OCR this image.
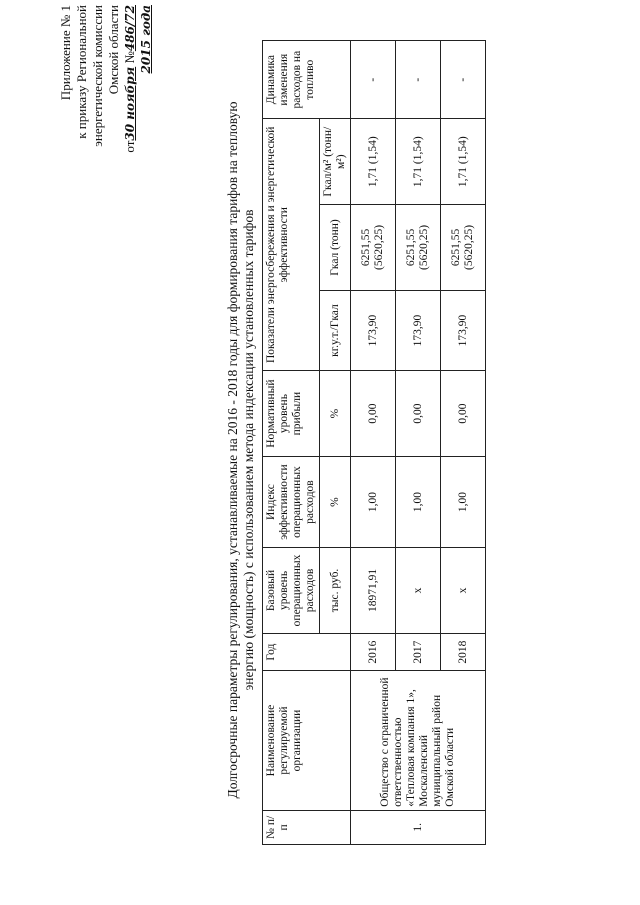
Приложение № 1 к приказу Региональной энергетической комиссии Омской области
от30 ноября №486/72 2015 года
Долгосрочные параметры регулирования, устанавливаемые на 2016 - 2018 годы для формирования тарифов на тепловую энергию (мощность) с использованием метода индексации установленных тарифов
№ п/п	Наименование регулируемой организации	Год	Базовый уровень операционных расходов	Индекс эффективности операционных расходов	Нормативный уровень прибыли	Показатели энергосбережения и энергетической эффективности			Динамика изменения расходов на топливо
			тыс. руб.	%	%	кг.у.т./Гкал	Гкал (тонн)	Гкал/м² (тонн/м²)	
1.	Общество с ограниченной ответственностью «Тепловая компания 1», Москаленский муниципальный район Омской области	2016	18971,91	1,00	0,00	173,90	6251,55 (5620,25)	1,71 (1,54)	-
		2017	х	1,00	0,00	173,90	6251,55 (5620,25)	1,71 (1,54)	-
		2018	х	1,00	0,00	173,90	6251,55 (5620,25)	1,71 (1,54)	-
